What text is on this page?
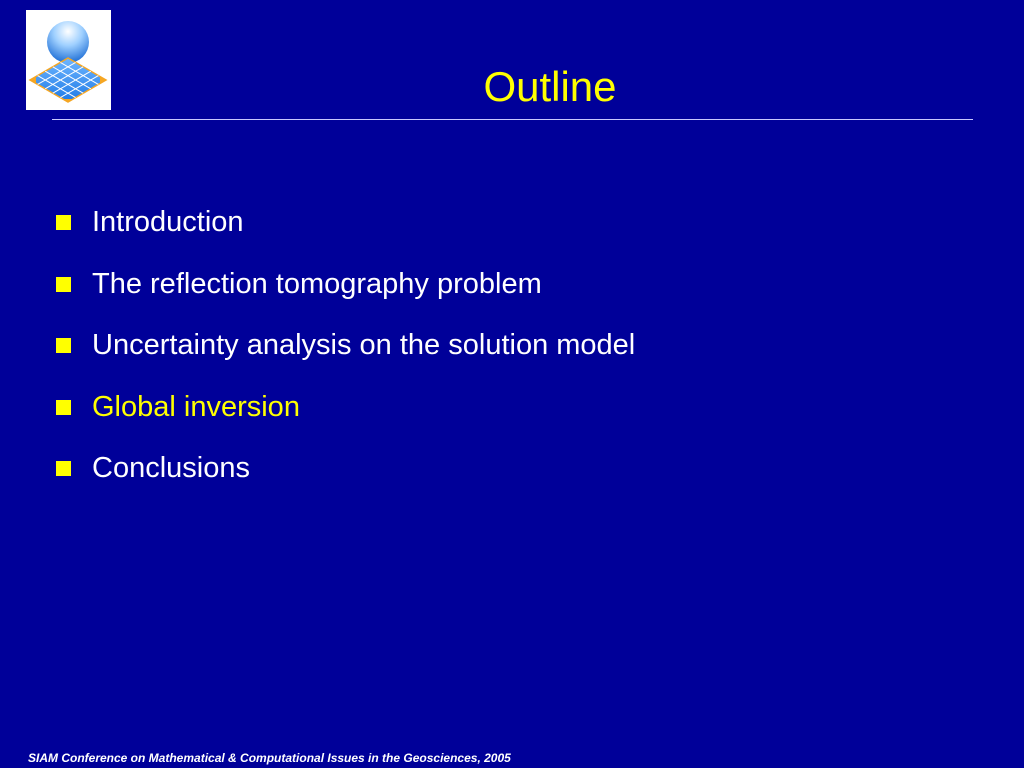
Outline
Introduction
The reflection tomography problem
Uncertainty analysis on the solution model
Global inversion
Conclusions
SIAM Conference on Mathematical & Computational Issues in the Geosciences, 2005
